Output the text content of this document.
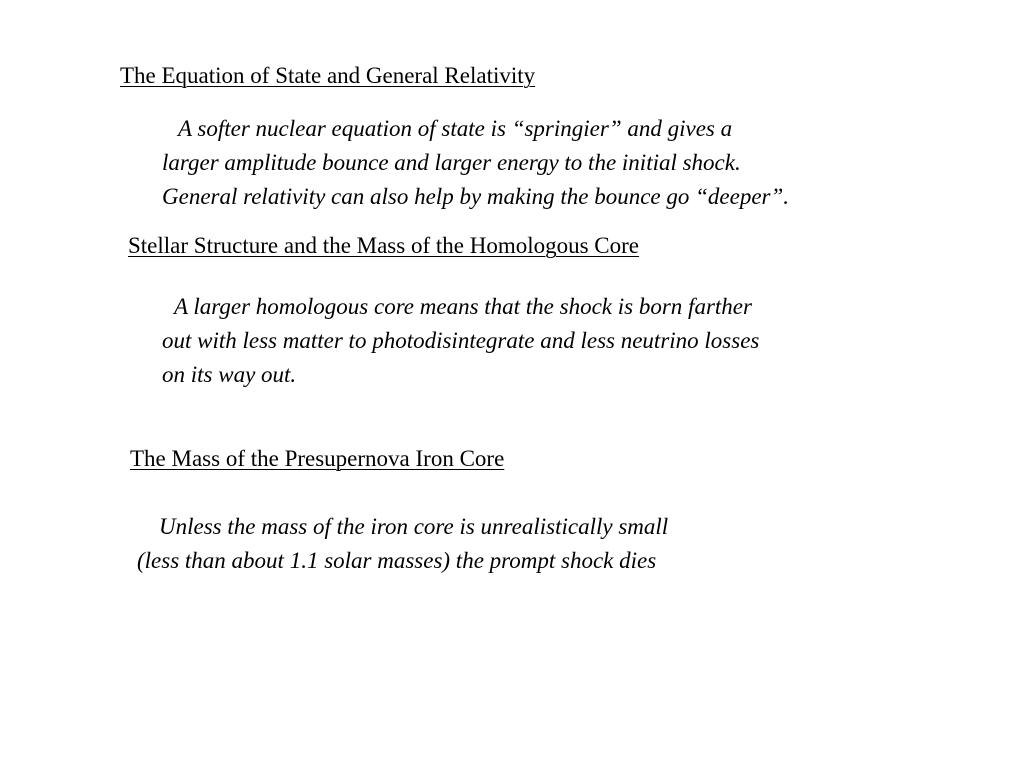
The Equation of State and General Relativity
A softer nuclear equation of state is “springier” and gives a
larger amplitude bounce and larger energy to the initial shock.
General relativity can also help by making the bounce go “deeper”.
Stellar Structure and the Mass of the Homologous Core
A larger homologous core means that the shock is born farther
out with less matter to photodisintegrate and less neutrino losses
on its way out.
The Mass of the Presupernova Iron Core
Unless the mass of the iron core is unrealistically small
(less than about 1.1 solar masses) the prompt shock dies
